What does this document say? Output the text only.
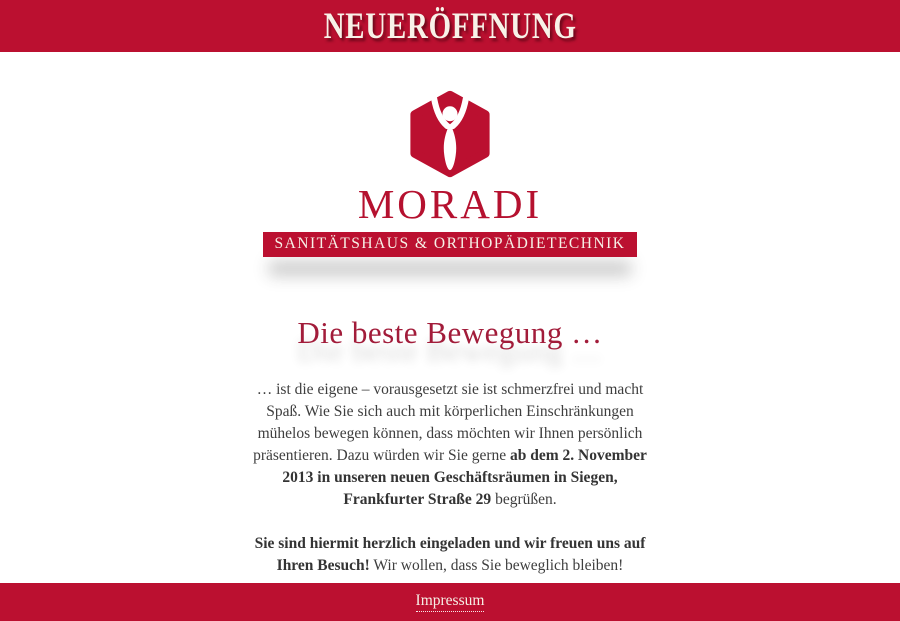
NEUERÖFFNUNG
MORADI
SANITÄTSHAUS & ORTHOPÄDIETECHNIK
Die beste Bewegung …

… ist die eigene – vorausgesetzt sie ist schmerzfrei und macht Spaß. Wie Sie sich auch mit körperlichen Einschränkungen mühelos bewegen können, dass möchten wir Ihnen persönlich präsentieren. Dazu würden wir Sie gerne ab dem 2. November 2013 in unseren neuen Geschäftsräumen in Siegen, Frankfurter Straße 29 begrüßen.

Sie sind hiermit herzlich eingeladen und wir freuen uns auf Ihren Besuch! Wir wollen, dass Sie beweglich bleiben!

Impressum
